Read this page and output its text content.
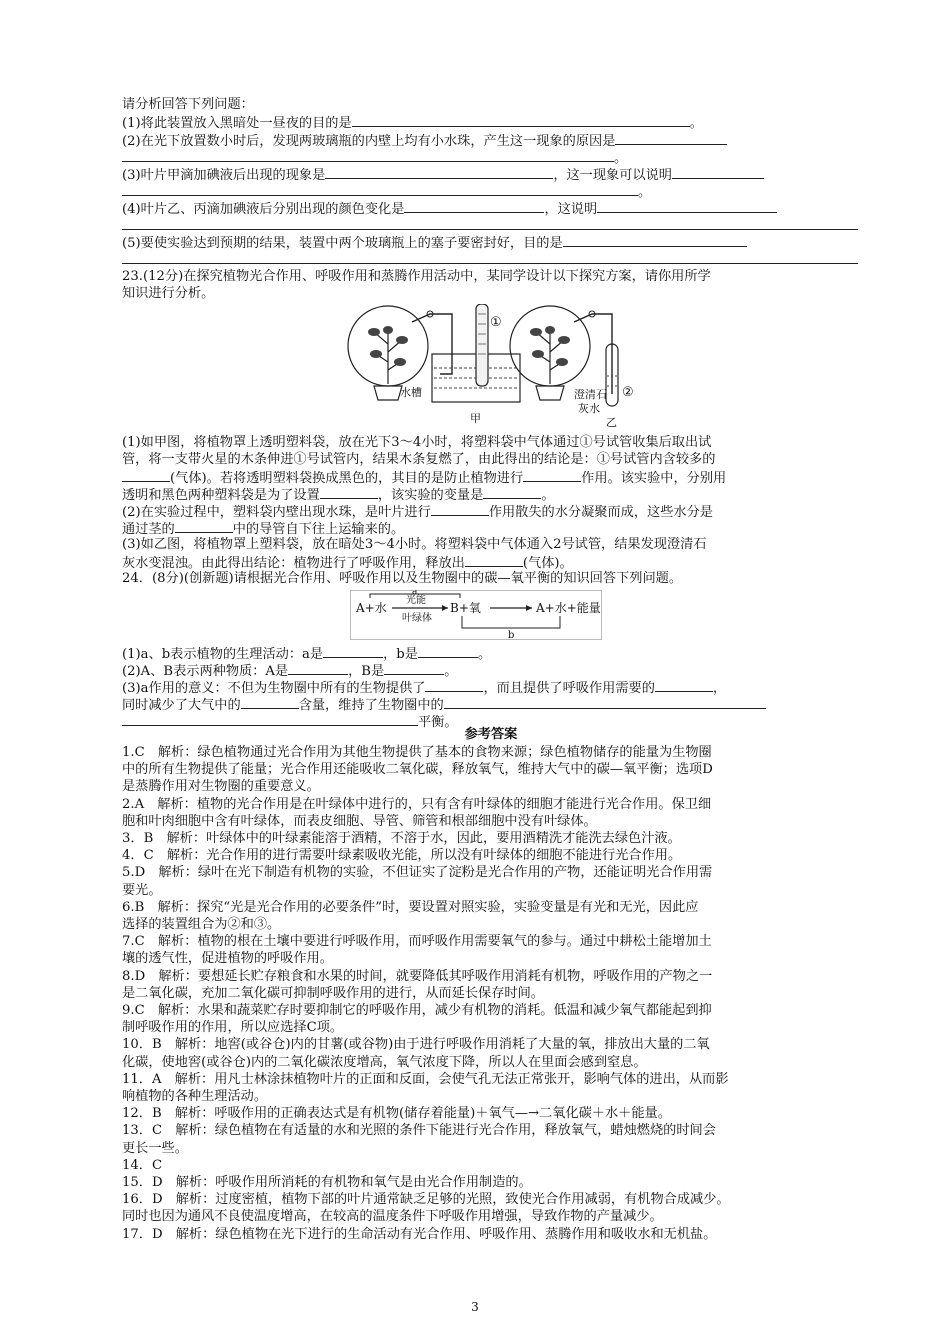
请分析回答下列问题：
(1)将此装置放入黑暗处一昼夜的目的是	。
(2)在光下放置数小时后，发现两玻璃瓶的内壁上均有小水珠，产生这一现象的原因是
。
(3)叶片甲滴加碘液后出现的现象是	，这一现象可以说明
。
(4)叶片乙、丙滴加碘液后分别出现的颜色变化是	，这说明
(5)要使实验达到预期的结果，装置中两个玻璃瓶上的塞子要密封好，目的是
23.(12分)在探究植物光合作用、呼吸作用和蒸腾作用活动中，某同学设计以下探究方案，请你用所学
知识进行分析。
①
水槽
甲
②
澄清石
灰水
乙
(1)如甲图，将植物罩上透明塑料袋，放在光下3～4小时，将塑料袋中气体通过①号试管收集后取出试
管，将一支带火星的木条伸进①号试管内，结果木条复燃了，由此得出的结论是：①号试管内含较多的
(气体)。若将透明塑料袋换成黑色的，其目的是防止植物进行	作用。该实验中，分别用
透明和黑色两种塑料袋是为了设置	，该实验的变量是	。
(2)在实验过程中，塑料袋内壁出现水珠，是叶片进行	作用散失的水分凝聚而成，这些水分是
通过茎的	中的导管自下往上运输来的。
(3)如乙图，将植物罩上塑料袋，放在暗处3～4小时。将塑料袋中气体通入2号试管，结果发现澄清石
灰水变混浊。由此得出结论：植物进行了呼吸作用，释放出	(气体)。
24．(8分)(创新题)请根据光合作用、呼吸作用以及生物圈中的碳—氧平衡的知识回答下列问题。
A+水
光能
叶绿体
B+氧	A+水+能量
a
b
(1)a、b表示植物的生理活动：a是	，b是	。
(2)A、B表示两种物质：A是	，B是	。
(3)a作用的意义：不但为生物圈中所有的生物提供了	，而且提供了呼吸作用需要的	，
同时减少了大气中的	含量，维持了生物圈中的
平衡。
参考答案
1.C　解析：绿色植物通过光合作用为其他生物提供了基本的食物来源；绿色植物储存的能量为生物圈
中的所有生物提供了能量；光合作用还能吸收二氧化碳，释放氧气，维持大气中的碳—氧平衡；选项D
是蒸腾作用对生物圈的重要意义。
2.A　解析：植物的光合作用是在叶绿体中进行的，只有含有叶绿体的细胞才能进行光合作用。保卫细
胞和叶肉细胞中含有叶绿体，而表皮细胞、导管、筛管和根部细胞中没有叶绿体。
3．B　解析：叶绿体中的叶绿素能溶于酒精，不溶于水，因此，要用酒精洗才能洗去绿色汁液。
4．C　解析：光合作用的进行需要叶绿素吸收光能，所以没有叶绿体的细胞不能进行光合作用。
5.D　解析：绿叶在光下制造有机物的实验，不但证实了淀粉是光合作用的产物，还能证明光合作用需
要光。
6.B　解析：探究“光是光合作用的必要条件”时，要设置对照实验，实验变量是有光和无光，因此应
选择的装置组合为②和③。
7.C　解析：植物的根在土壤中要进行呼吸作用，而呼吸作用需要氧气的参与。通过中耕松土能增加土
壤的透气性，促进植物的呼吸作用。
8.D　解析：要想延长贮存粮食和水果的时间，就要降低其呼吸作用消耗有机物，呼吸作用的产物之一
是二氧化碳，充加二氧化碳可抑制呼吸作用的进行，从而延长保存时间。
9.C　解析：水果和蔬菜贮存时要抑制它的呼吸作用，减少有机物的消耗。低温和减少氧气都能起到抑
制呼吸作用的作用，所以应选择C项。
10．B　解析：地窖(或谷仓)内的甘薯(或谷物)由于进行呼吸作用消耗了大量的氧，排放出大量的二氧
化碳，使地窖(或谷仓)内的二氧化碳浓度增高，氧气浓度下降，所以人在里面会感到窒息。
11．A　解析：用凡士林涂抹植物叶片的正面和反面，会使气孔无法正常张开，影响气体的进出，从而影
响植物的各种生理活动。
12．B　解析：呼吸作用的正确表达式是有机物(储存着能量)＋氧气—→二氧化碳＋水＋能量。
13．C　解析：绿色植物在有适量的水和光照的条件下能进行光合作用，释放氧气，蜡烛燃烧的时间会
更长一些。
14．C
15．D　解析：呼吸作用所消耗的有机物和氧气是由光合作用制造的。
16．D　解析：过度密植，植物下部的叶片通常缺乏足够的光照，致使光合作用减弱，有机物合成减少。
同时也因为通风不良使温度增高，在较高的温度条件下呼吸作用增强，导致作物的产量减少。
17．D　解析：绿色植物在光下进行的生命活动有光合作用、呼吸作用、蒸腾作用和吸收水和无机盐。
3
